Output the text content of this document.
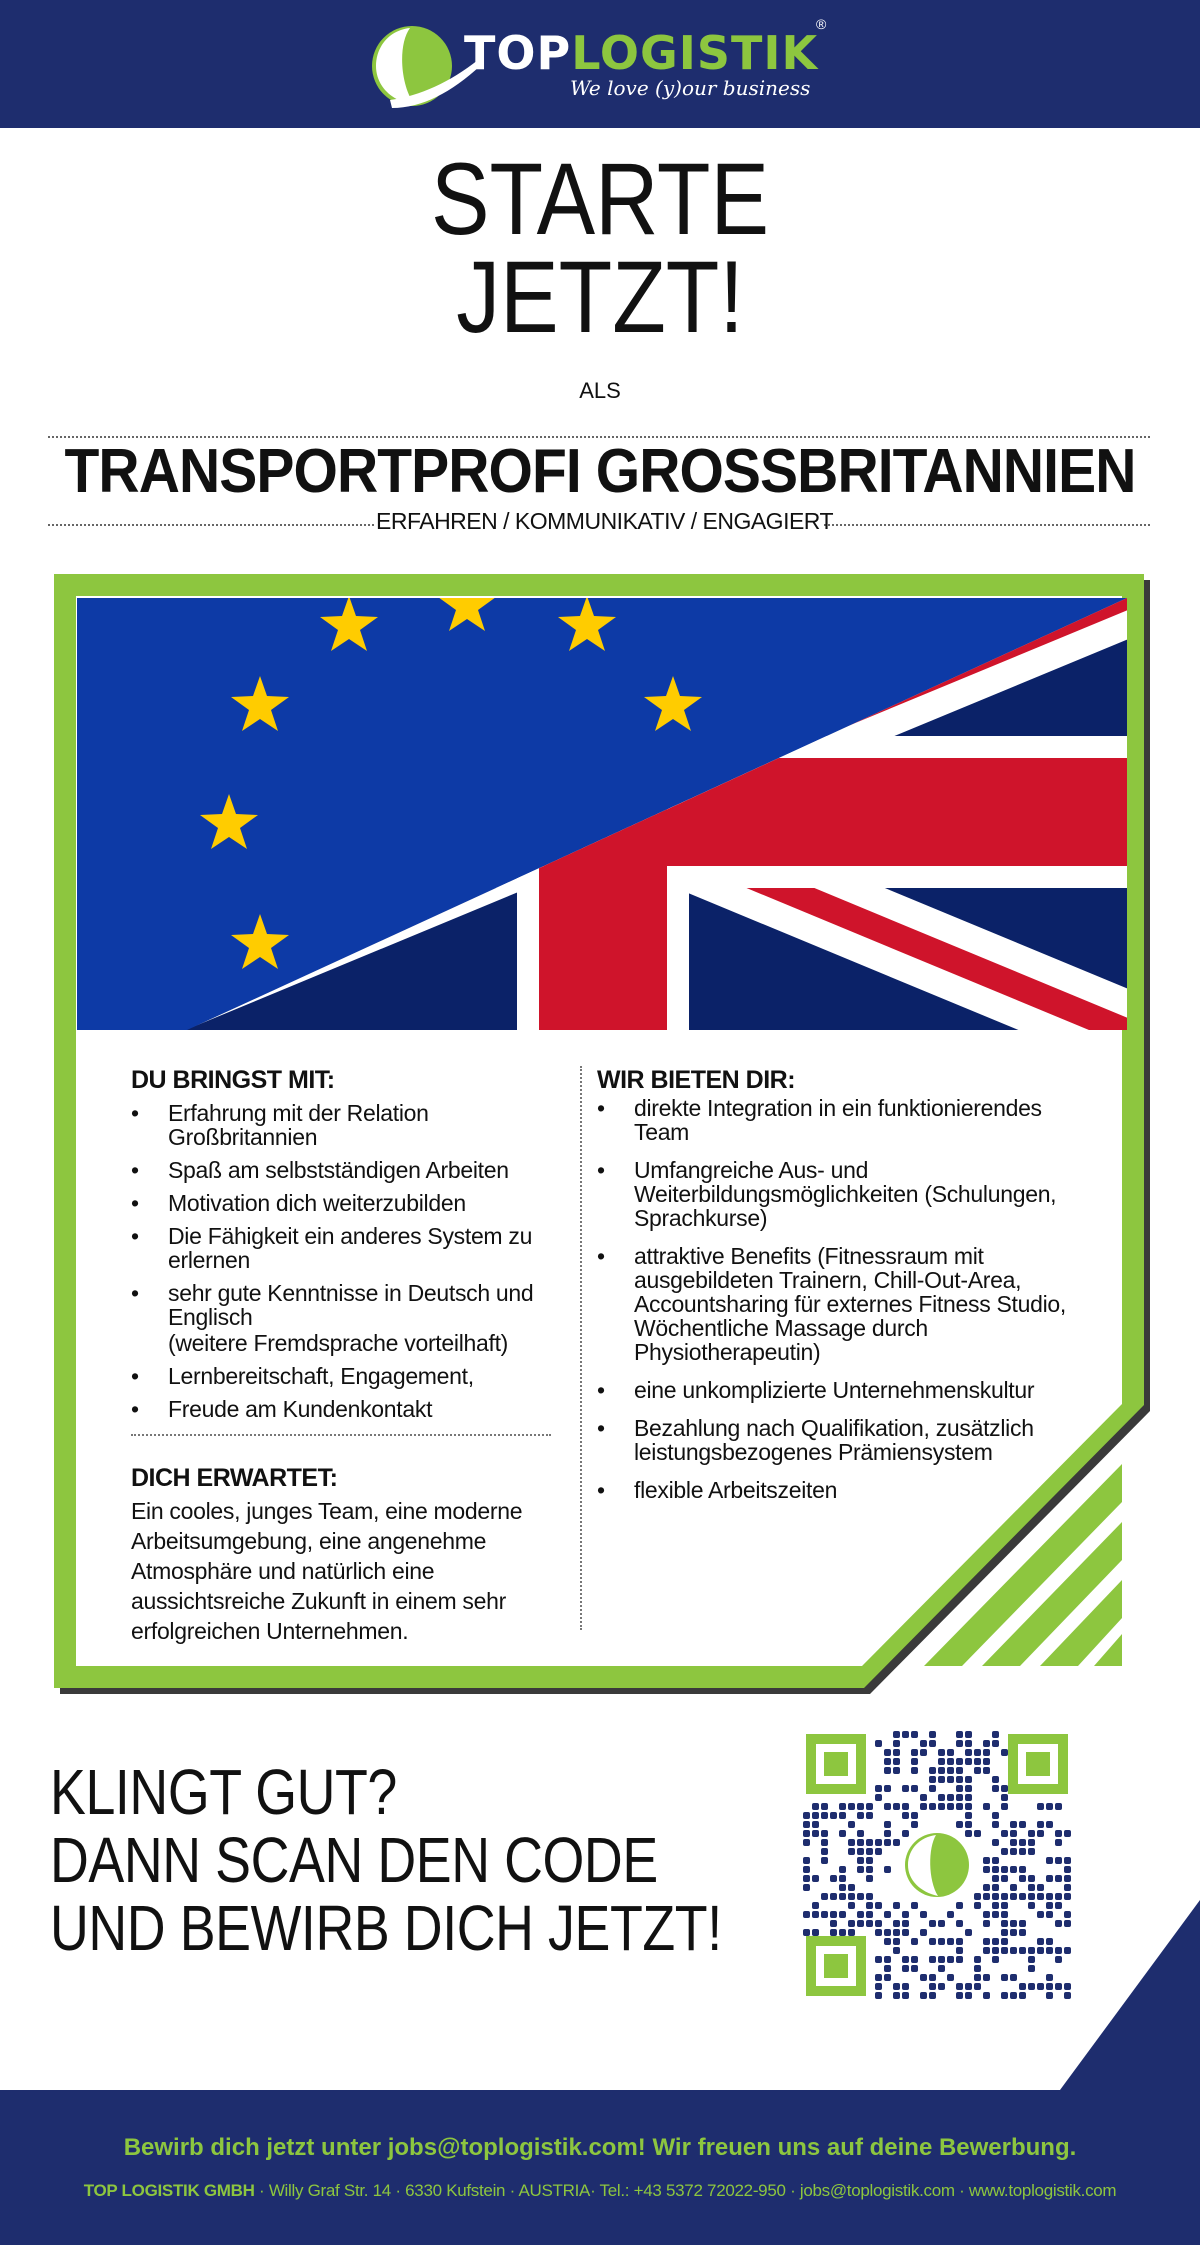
TOPLOGISTIK
®
We love (y)our business
STARTE
JETZT!
ALS
TRANSPORTPROFI GROSSBRITANNIEN
ERFAHREN / KOMMUNIKATIV / ENGAGIERT
DU BRINGST MIT:
• Erfahrung mit der Relation Großbritannien
• Spaß am selbstständigen Arbeiten
• Motivation dich weiterzubilden
• Die Fähigkeit ein anderes System zu erlernen
• sehr gute Kenntnisse in Deutsch und Englisch
(weitere Fremdsprache vorteilhaft)
• Lernbereitschaft, Engagement,
• Freude am Kundenkontakt
DICH ERWARTET:

Ein cooles, junges Team, eine moderne Arbeitsumgebung, eine angenehme Atmosphäre und natürlich eine aussichtsreiche Zukunft in einem sehr erfolgreichen Unternehmen.

WIR BIETEN DIR:
• direkte Integration in ein funktionierendes Team
• Umfangreiche Aus- und Weiterbildungsmöglichkeiten (Schulungen, Sprachkurse)
• attraktive Benefits (Fitnessraum mit ausgebildeten Trainern, Chill-Out-Area, Accountsharing für externes Fitness Studio, Wöchentliche Massage durch Physiotherapeutin)
• eine unkomplizierte Unternehmenskultur
• Bezahlung nach Qualifikation, zusätzlich leistungsbezogenes Prämiensystem
• flexible Arbeitszeiten
KLINGT GUT?
DANN SCAN DEN CODE
UND BEWIRB DICH JETZT!
Bewirb dich jetzt unter jobs@toplogistik.com! Wir freuen uns auf deine Bewerbung.
TOP LOGISTIK GMBH · Willy Graf Str. 14 · 6330 Kufstein · AUSTRIA· Tel.: +43 5372 72022-950 · jobs@toplogistik.com · www.toplogistik.com
